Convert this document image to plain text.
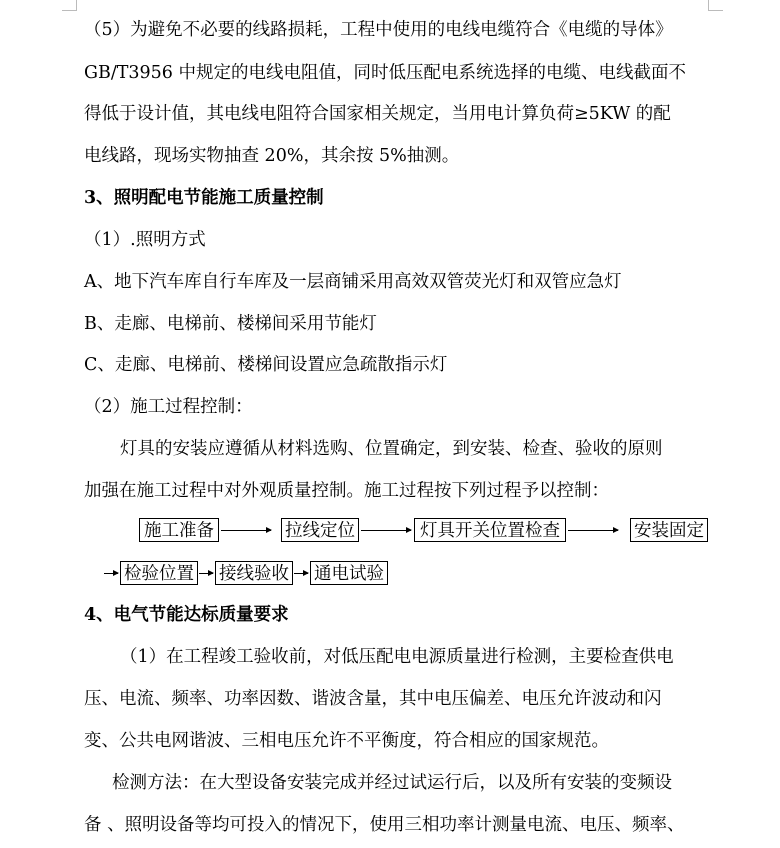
（5）为避免不必要的线路损耗，工程中使用的电线电缆符合《电缆的导体》
GB/T3956 中规定的电线电阻值，同时低压配电系统选择的电缆、电线截面不
得低于设计值，其电线电阻符合国家相关规定，当用电计算负荷≥5KW 的配
电线路，现场实物抽查 20%，其余按 5%抽测。
3、照明配电节能施工质量控制
（1）.照明方式
A、地下汽车库自行车库及一层商铺采用高效双管荧光灯和双管应急灯
B、走廊、电梯前、楼梯间采用节能灯
C、走廊、电梯前、楼梯间设置应急疏散指示灯
（2）施工过程控制：
灯具的安装应遵循从材料选购、位置确定，到安装、检查、验收的原则
加强在施工过程中对外观质量控制。施工过程按下列过程予以控制：
施工准备	拉线定位	灯具开关位置检查	安装固定
检验位置 接线验收 通电试验
4、电气节能达标质量要求
（1）在工程竣工验收前，对低压配电电源质量进行检测，主要检查供电
压、电流、频率、功率因数、谐波含量，其中电压偏差、电压允许波动和闪
变、公共电网谐波、三相电压允许不平衡度，符合相应的国家规范。
检测方法：在大型设备安装完成并经过试运行后，以及所有安装的变频设
备 、照明设备等均可投入的情况下，使用三相功率计测量电流、电压、频率、
